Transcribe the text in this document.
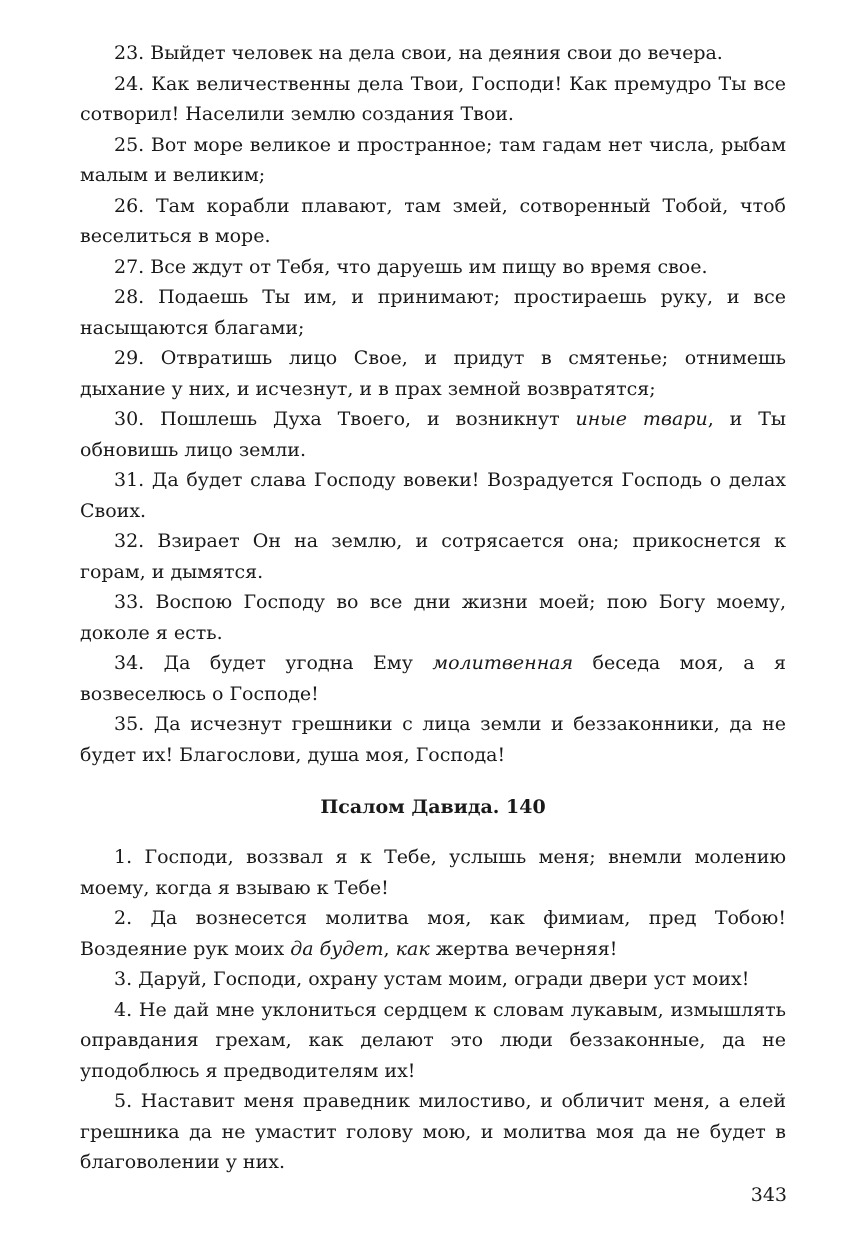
23. Выйдет человек на дела свои, на деяния свои до вечера.

24. Как величественны дела Твои, Господи! Как премудро Ты все сотворил! Населили землю создания Твои.

25. Вот море великое и пространное; там гадам нет числа, рыбам малым и великим;

26. Там корабли плавают, там змей, сотворенный Тобой, чтоб веселиться в море.

27. Все ждут от Тебя, что даруешь им пищу во время свое.

28. Подаешь Ты им, и принимают; простираешь руку, и все насыщаются благами;

29. Отвратишь лицо Свое, и придут в смятенье; отнимешь дыхание у них, и исчезнут, и в прах земной возвратятся;

30. Пошлешь Духа Твоего, и возникнут иные твари, и Ты обновишь лицо земли.

31. Да будет слава Господу вовеки! Возрадуется Господь о делах Своих.

32. Взирает Он на землю, и сотрясается она; прикоснется к горам, и дымятся.

33. Воспою Господу во все дни жизни моей; пою Богу моему, доколе я есть.

34. Да будет угодна Ему молитвенная беседа моя, а я возвеселюсь о Господе!

35. Да исчезнут грешники с лица земли и беззаконники, да не будет их! Благослови, душа моя, Господа!

Псалом Давида. 140

1. Господи, воззвал я к Тебе, услышь меня; внемли молению моему, когда я взываю к Тебе!

2. Да вознесется молитва моя, как фимиам, пред Тобою! Воздеяние рук моих да будет, как жертва вечерняя!

3. Даруй, Господи, охрану устам моим, огради двери уст моих!

4. Не дай мне уклониться сердцем к словам лукавым, измышлять оправдания грехам, как делают это люди беззаконные, да не уподоблюсь я предводителям их!

5. Наставит меня праведник милостиво, и обличит меня, а елей грешника да не умастит голову мою, и молитва моя да не будет в благоволении у них.

343
